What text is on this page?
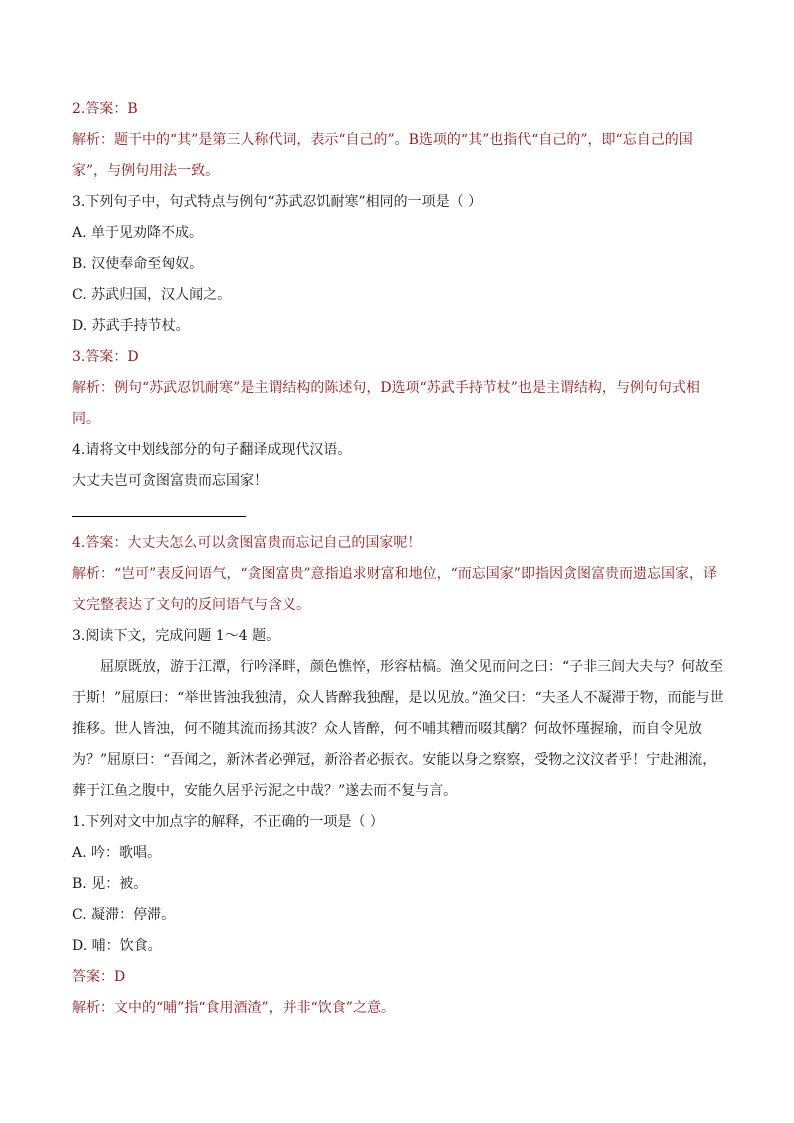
2.答案：B

解析：题干中的“其”是第三人称代词，表示“自己的”。B选项的“其”也指代“自己的”，即“忘自己的国家”，与例句用法一致。

3.下列句子中，句式特点与例句“苏武忍饥耐寒”相同的一项是（ ）

A. 单于见劝降不成。

B. 汉使奉命至匈奴。

C. 苏武归国，汉人闻之。

D. 苏武手持节杖。

3.答案：D

解析：例句“苏武忍饥耐寒”是主谓结构的陈述句，D选项“苏武手持节杖”也是主谓结构，与例句句式相同。

4.请将文中划线部分的句子翻译成现代汉语。

大丈夫岂可贪图富贵而忘国家！

4.答案：大丈夫怎么可以贪图富贵而忘记自己的国家呢！

解析：“岂可”表反问语气，“贪图富贵”意指追求财富和地位，“而忘国家”即指因贪图富贵而遗忘国家，译文完整表达了文句的反问语气与含义。

3.阅读下文，完成问题 1～4 题。

屈原既放，游于江潭，行吟泽畔，颜色憔悴，形容枯槁。渔父见而问之曰：“子非三闾大夫与？何故至于斯！”屈原曰：“举世皆浊我独清，众人皆醉我独醒，是以见放。”渔父曰：“夫圣人不凝滞于物，而能与世推移。世人皆浊，何不随其流而扬其波？众人皆醉，何不哺其糟而啜其醨？何故怀瑾握瑜，而自令见放为？”屈原曰：“吾闻之，新沐者必弹冠，新浴者必振衣。安能以身之察察，受物之汶汶者乎！宁赴湘流，葬于江鱼之腹中，安能久居乎污泥之中哉？”遂去而不复与言。

1.下列对文中加点字的解释，不正确的一项是（ ）

A. 吟：歌唱。

B. 见：被。

C. 凝滞：停滞。

D. 哺：饮食。

答案：D

解析：文中的“哺”指“食用酒渣”，并非“饮食”之意。
